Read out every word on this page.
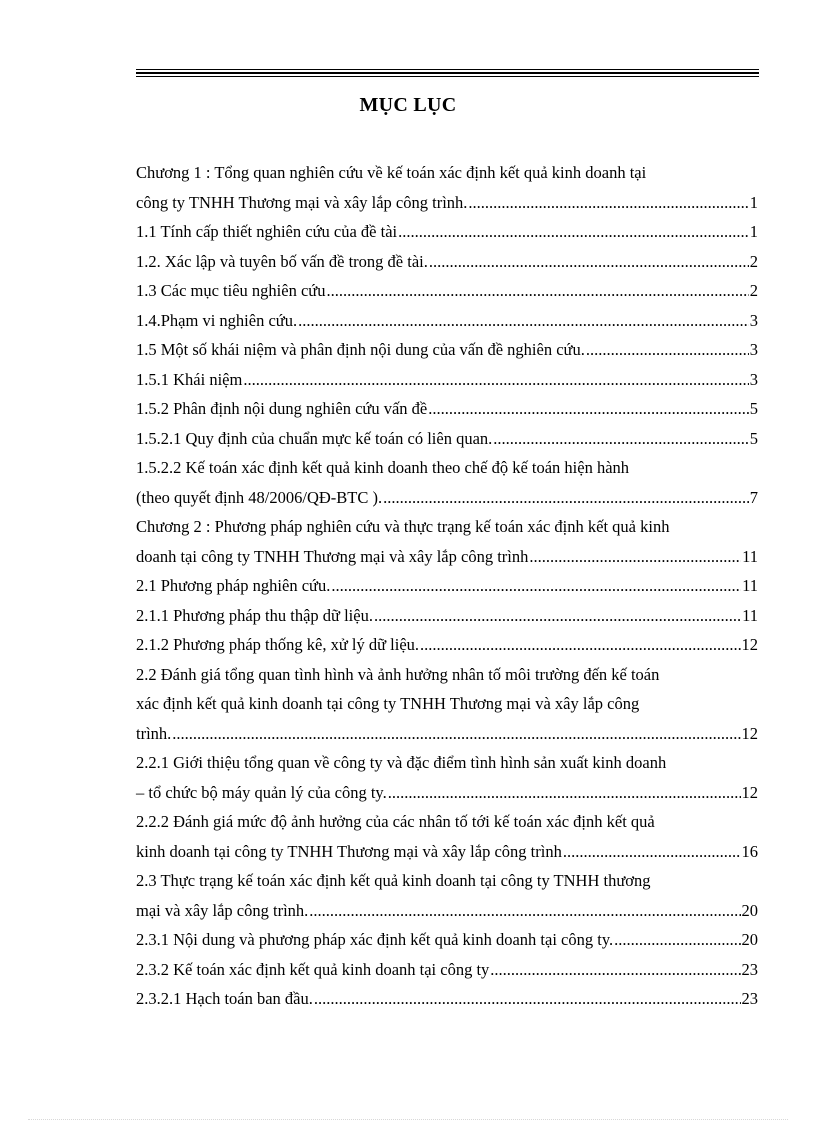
MỤC LỤC
Chương 1 : Tổng quan nghiên cứu về kế toán xác định kết quả kinh doanh tại
công ty TNHH Thương mại và xây lắp công trình. .....	1
1.1 Tính cấp thiết nghiên cứu của đề tài .....	1
1.2. Xác lập và tuyên bố vấn đề trong đề tài. .....	2
1.3 Các mục tiêu nghiên cứu .....	2
1.4.Phạm vi nghiên cứu. .....	3
1.5 Một số khái niệm và phân định nội dung của vấn đề nghiên cứu. .....	3
1.5.1 Khái niệm .....	3
1.5.2 Phân định nội dung nghiên cứu vấn đề .....	5
1.5.2.1 Quy định của chuẩn mực kế toán có liên quan. .....	5
1.5.2.2 Kế toán xác định kết quả kinh doanh theo chế độ kế toán hiện hành
(theo quyết định 48/2006/QĐ-BTC ). .....	7
Chương 2 : Phương pháp nghiên cứu và thực trạng kế toán xác định kết quả kinh
doanh tại công ty TNHH Thương mại và xây lắp công trình .....	11
2.1 Phương pháp nghiên cứu. .....	11
2.1.1 Phương pháp thu thập dữ liệu. .....	11
2.1.2 Phương pháp thống kê, xử lý dữ liệu. .....	12
2.2 Đánh giá tổng quan tình hình và ảnh hưởng nhân tố môi trường đến kế toán
xác định kết quả kinh doanh tại công ty TNHH Thương mại và xây lắp công
trình. .....	12
2.2.1 Giới thiệu tổng quan về công ty và đặc điểm tình hình sản xuất kinh doanh
– tổ chức bộ máy quản lý của công ty. .....	12
2.2.2 Đánh giá mức độ ảnh hưởng của các nhân tố tới kế toán xác định kết quả
kinh doanh tại công ty TNHH Thương mại và xây lắp công trình .....	16
2.3 Thực trạng kế toán xác định kết quả kinh doanh tại công ty TNHH thương
mại và xây lắp công trình. .....	20
2.3.1 Nội dung và phương pháp xác định kết quả kinh doanh tại công ty. .....	20
2.3.2 Kế toán xác định kết quả kinh doanh tại công ty .....	23
2.3.2.1 Hạch toán ban đầu. .....	23
